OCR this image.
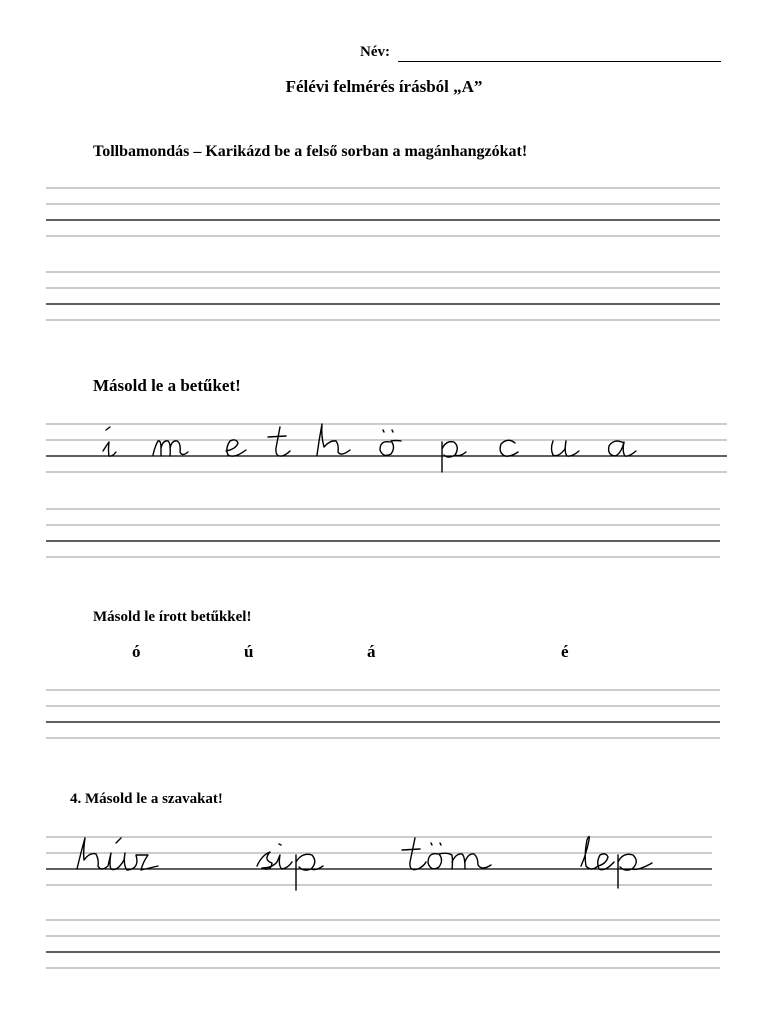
Név:
Félévi felmérés írásból „A”
Tollbamondás – Karikázd be a felső sorban a magánhangzókat!
Másold le a betűket!
Másold le írott betűkkel!
ó	ú	á	é
4. Másold le a szavakat!
